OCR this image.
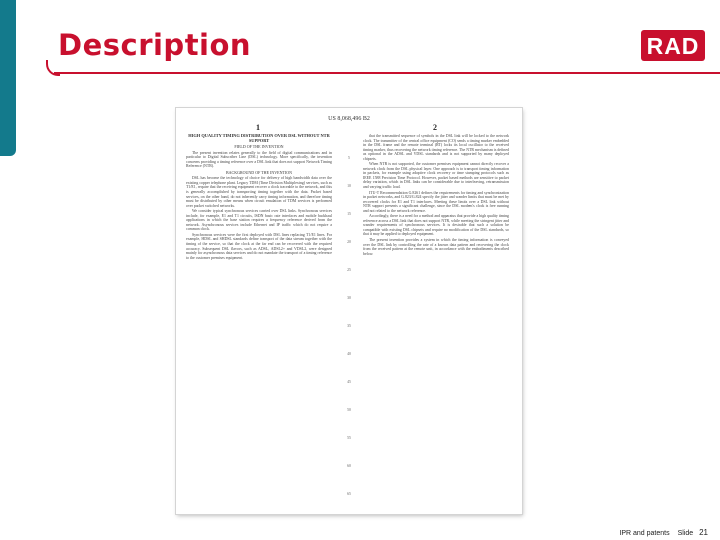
Description	RAD
US 8,068,496 B2
1	2
HIGH QUALITY TIMING DISTRIBUTION OVER DSL WITHOUT NTR SUPPORT
FIELD OF THE INVENTION

The present invention relates generally to the field of digital communications and in particular to Digital Subscriber Line (DSL) technology. More specifically, the invention concerns providing a timing reference over a DSL link that does not support Network Timing Reference (NTR).

BACKGROUND OF THE INVENTION

DSL has become the technology of choice for delivery of high bandwidth data over the existing copper telephone plant. Legacy TDM (Time Division Multiplexing) services, such as T1/E1, require that the receiving equipment recover a clock traceable to the network, and this is generally accomplished by transporting timing together with the data. Packet based services, on the other hand, do not inherently carry timing information, and therefore timing must be distributed by other means when circuit emulation of TDM services is performed over packet switched networks.

We consider typical synchronous services carried over DSL links. Synchronous services include, for example, E1 and T1 circuits, ISDN basic rate interfaces and mobile backhaul applications in which the base station requires a frequency reference derived from the network. Asynchronous services include Ethernet and IP traffic which do not require a common clock.

Synchronous services were the first deployed with DSL lines replacing T1/E1 lines. For example, HDSL and SHDSL standards define transport of the data stream together with the timing of the service, so that the clock at the far end can be recovered with the required accuracy. Subsequent DSL flavors, such as ADSL, ADSL2+ and VDSL2, were designed mainly for asynchronous data services and do not mandate the transport of a timing reference to the customer premises equipment.

5
10
15
20
25
30
35
40
45
50
55
60
65

that the transmitted sequence of symbols in the DSL link will be locked to the network clock. The transmitter of the central office equipment (CO) sends a timing marker embedded in the DSL frame and the remote terminal (RT) locks its local oscillator to the received timing marker, thus recovering the network timing reference. The NTR mechanism is defined as optional in the ADSL and VDSL standards and is not supported by many deployed chipsets.

When NTR is not supported, the customer premises equipment cannot directly recover a network clock from the DSL physical layer. One approach is to transport timing information in packets, for example using adaptive clock recovery or time stamping protocols such as IEEE 1588 Precision Time Protocol. However, packet based methods are sensitive to packet delay variation, which in DSL links can be considerable due to interleaving, retransmission and varying traffic load.

ITU-T Recommendation G.8261 defines the requirements for timing and synchronization in packet networks, and G.823/G.824 specify the jitter and wander limits that must be met by recovered clocks for E1 and T1 interfaces. Meeting these limits over a DSL link without NTR support presents a significant challenge, since the DSL modem's clock is free running and not related to the network reference.

Accordingly, there is a need for a method and apparatus that provide a high quality timing reference across a DSL link that does not support NTR, while meeting the stringent jitter and wander requirements of synchronous services. It is desirable that such a solution be compatible with existing DSL chipsets and require no modification of the DSL standards, so that it may be applied to deployed equipment.

The present invention provides a system in which the timing information is conveyed over the DSL link by controlling the rate of a known data pattern and recovering the clock from the received pattern at the remote unit, in accordance with the embodiments described below.

IPR and patents Slide 21
